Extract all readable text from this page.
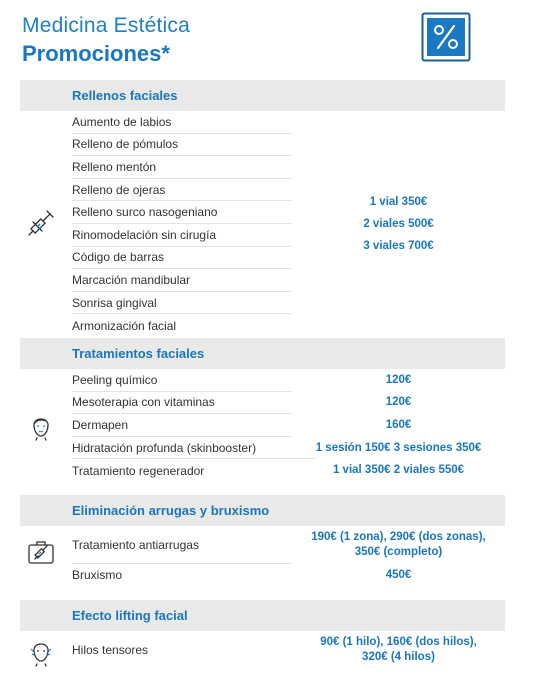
Medicina Estética
Promociones*
Rellenos faciales
Aumento de labios
Relleno de pómulos
Relleno mentón
Relleno de ojeras
Relleno surco nasogeniano
Rinomodelación sin cirugía
Código de barras
Marcación mandibular
Sonrisa gingival
Armonización facial
1 vial 350€
2 viales 500€
3 viales 700€
Tratamientos faciales
Peeling químico
Mesoterapia con vitaminas
Dermapen
Hidratación profunda (skinbooster)
Tratamiento regenerador
120€
120€
160€
1 sesión 150€ 3 sesiones 350€
1 vial 350€ 2 viales 550€
Eliminación arrugas y bruxismo
Tratamiento antiarrugas
Bruxismo
190€ (1 zona), 290€ (dos zonas),
350€ (completo)
450€
Efecto lifting facial
Hilos tensores
90€ (1 hilo), 160€ (dos hilos),
320€ (4 hilos)
